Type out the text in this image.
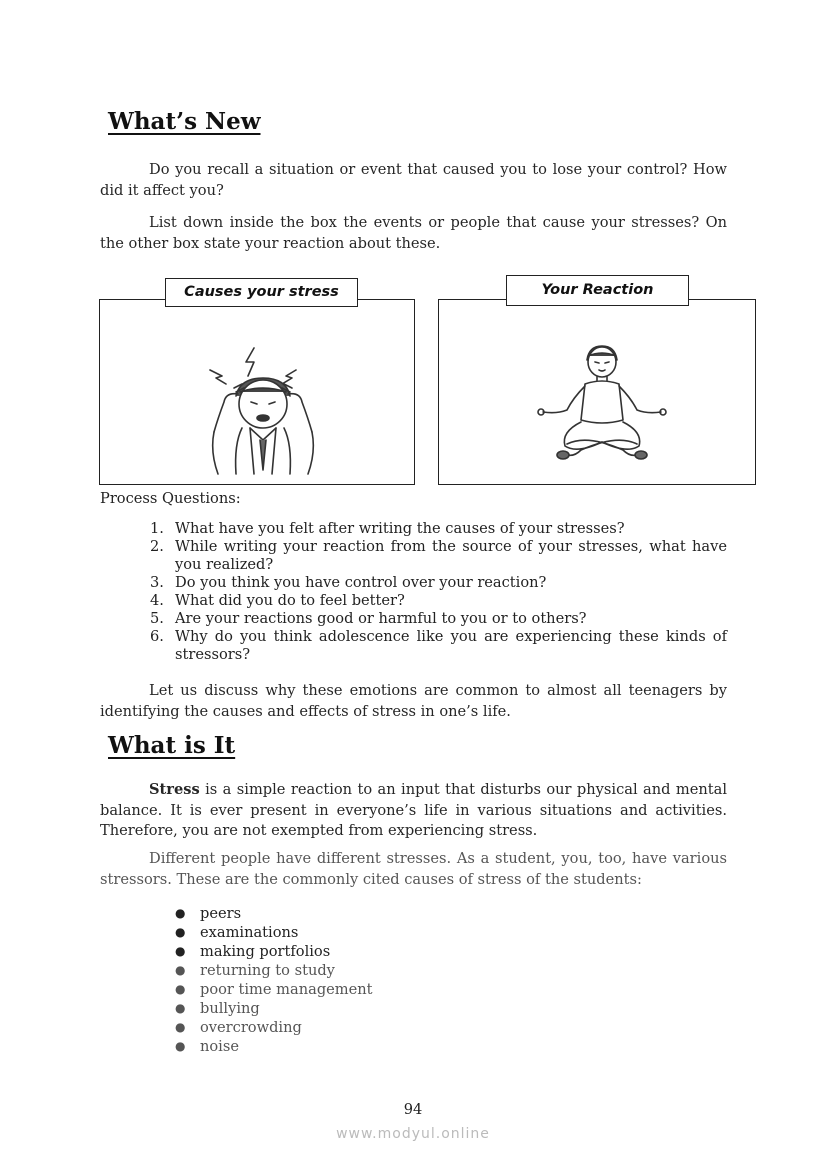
What’s New

Do you recall a situation or event that caused you to lose your control? How did it affect you?

List down inside the box the events or people that cause your stresses? On the other box state your reaction about these.

Causes your stress	Your Reaction

Process Questions:

1. What have you felt after writing the causes of your stresses?
2. While writing your reaction from the source of your stresses, what have you realized?
3. Do you think you have control over your reaction?
4. What did you do to feel better?
5. Are your reactions good or harmful to you or to others?
6. Why do you think adolescence like you are experiencing these kinds of stressors?

Let us discuss why these emotions are common to almost all teenagers by identifying the causes and effects of stress in one’s life.

What is It

Stress is a simple reaction to an input that disturbs our physical and mental balance. It is ever present in everyone’s life in various situations and activities. Therefore, you are not exempted from experiencing stress.

Different people have different stresses. As a student, you, too, have various stressors. These are the commonly cited causes of stress of the students:

● peers
● examinations
● making portfolios
● returning to study
● poor time management
● bullying
● overcrowding
● noise

94

www.modyul.online
